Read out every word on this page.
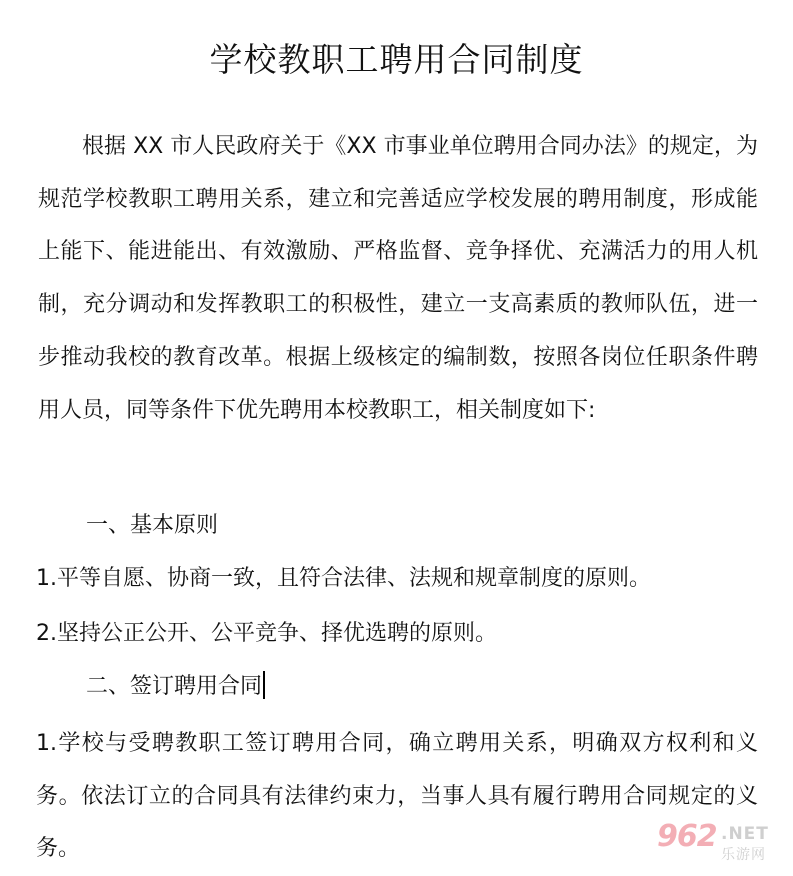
学校教职工聘用合同制度

根据 XX 市人民政府关于《XX 市事业单位聘用合同办法》的规定，为规范学校教职工聘用关系，建立和完善适应学校发展的聘用制度，形成能上能下、能进能出、有效激励、严格监督、竞争择优、充满活力的用人机制，充分调动和发挥教职工的积极性，建立一支高素质的教师队伍，进一步推动我校的教育改革。根据上级核定的编制数，按照各岗位任职条件聘用人员，同等条件下优先聘用本校教职工，相关制度如下:

一、基本原则
1.平等自愿、协商一致，且符合法律、法规和规章制度的原则。
2.坚持公正公开、公平竞争、择优选聘的原则。
二、签订聘用合同

1.学校与受聘教职工签订聘用合同，确立聘用关系，明确双方权利和义务。依法订立的合同具有法律约束力，当事人具有履行聘用合同规定的义务。	962 .NET
乐游网
